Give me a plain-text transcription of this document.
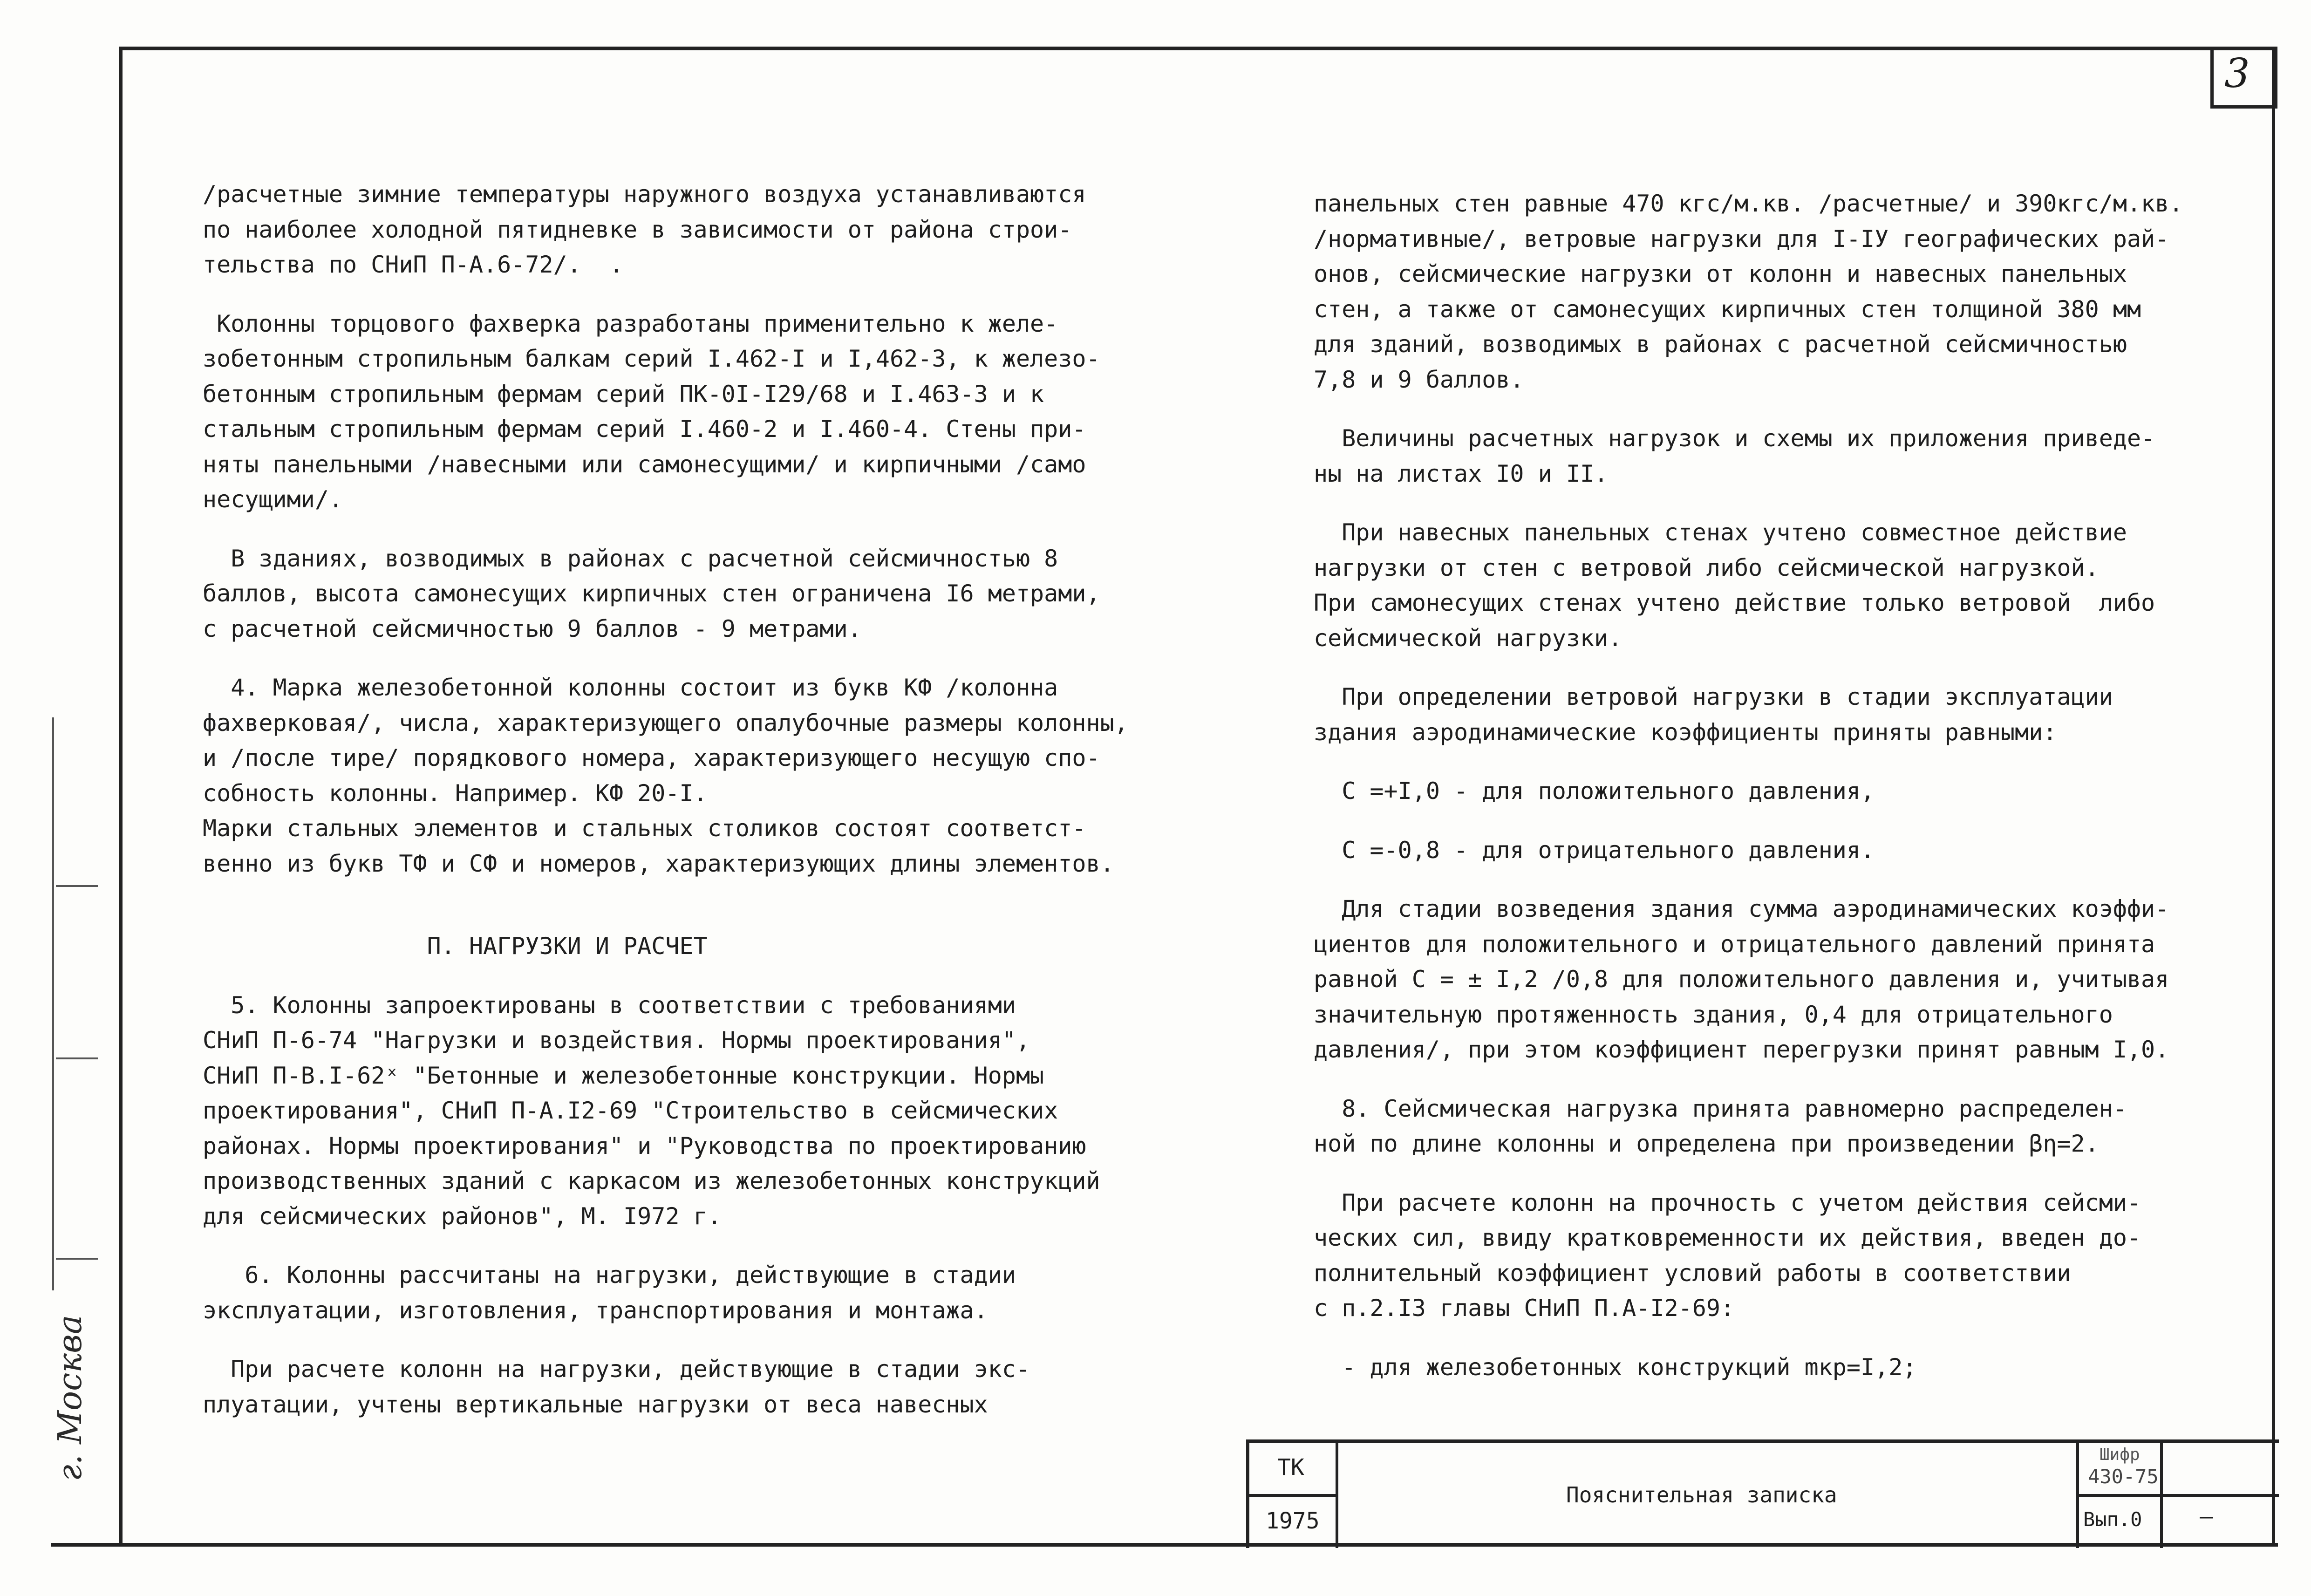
3

/расчетные зимние температуры наружного воздуха устанавливаются

по наиболее холодной пятидневке в зависимости от района строи-

тельства по СНиП П-А.6-72/.  .

Колонны торцового фахверка разработаны применительно к желе-

зобетонным стропильным балкам серий I.462-I и I,462-3, к железо-

бетонным стропильным фермам серий ПК-0I-I29/68 и I.463-3 и к

стальным стропильным фермам серий I.460-2 и I.460-4. Стены при-

няты панельными /навесными или самонесущими/ и кирпичными /само

несущими/.

В зданиях, возводимых в районах с расчетной сейсмичностью 8

баллов, высота самонесущих кирпичных стен ограничена I6 метрами,

с расчетной сейсмичностью 9 баллов - 9 метрами.

4. Марка железобетонной колонны состоит из букв КФ /колонна

фахверковая/, числа, характеризующего опалубочные размеры колонны,

и /после тире/ порядкового номера, характеризующего несущую спо-

собность колонны. Например. КФ 20-I.

Марки стальных элементов и стальных столиков состоят соответст-

венно из букв ТФ и СФ и номеров, характеризующих длины элементов.

П. НАГРУЗКИ И РАСЧЕТ

5. Колонны запроектированы в соответствии с требованиями

СНиП П-6-74 "Нагрузки и воздействия. Нормы проектирования",

СНиП П-В.I-62ˣ "Бетонные и железобетонные конструкции. Нормы

проектирования", СНиП П-А.I2-69 "Строительство в сейсмических

районах. Нормы проектирования" и "Руководства по проектированию

производственных зданий с каркасом из железобетонных конструкций

для сейсмических районов", М. I972 г.

6. Колонны рассчитаны на нагрузки, действующие в стадии

эксплуатации, изготовления, транспортирования и монтажа.

При расчете колонн на нагрузки, действующие в стадии экс-

плуатации, учтены вертикальные нагрузки от веса навесных

панельных стен равные 470 кгс/м.кв. /расчетные/ и 390кгс/м.кв.

/нормативные/, ветровые нагрузки для I-IУ географических рай-

онов, сейсмические нагрузки от колонн и навесных панельных

стен, а также от самонесущих кирпичных стен толщиной 380 мм

для зданий, возводимых в районах с расчетной сейсмичностью

7,8 и 9 баллов.

Величины расчетных нагрузок и схемы их приложения приведе-

ны на листах I0 и II.

При навесных панельных стенах учтено совместное действие

нагрузки от стен с ветровой либо сейсмической нагрузкой.

При самонесущих стенах учтено действие только ветровой  либо

сейсмической нагрузки.

При определении ветровой нагрузки в стадии эксплуатации

здания аэродинамические коэффициенты приняты равными:

С =+I,0 - для положительного давления,

С =-0,8 - для отрицательного давления.

Для стадии возведения здания сумма аэродинамических коэффи-

циентов для положительного и отрицательного давлений принята

равной С = ± I,2 /0,8 для положительного давления и, учитывая

значительную протяженность здания, 0,4 для отрицательного

давления/, при этом коэффициент перегрузки принят равным I,0.

8. Сейсмическая нагрузка принята равномерно распределен-

ной по длине колонны и определена при произведении βη=2.

При расчете колонн на прочность с учетом действия сейсми-

ческих сил, ввиду кратковременности их действия, введен до-

полнительный коэффициент условий работы в соответствии

с п.2.I3 главы СНиП П.А-I2-69:

- для железобетонных конструкций mкр=I,2;

г. Москва	ТК
1975
Пояснительная записка
Шифр
430-75
Вып.0	—
